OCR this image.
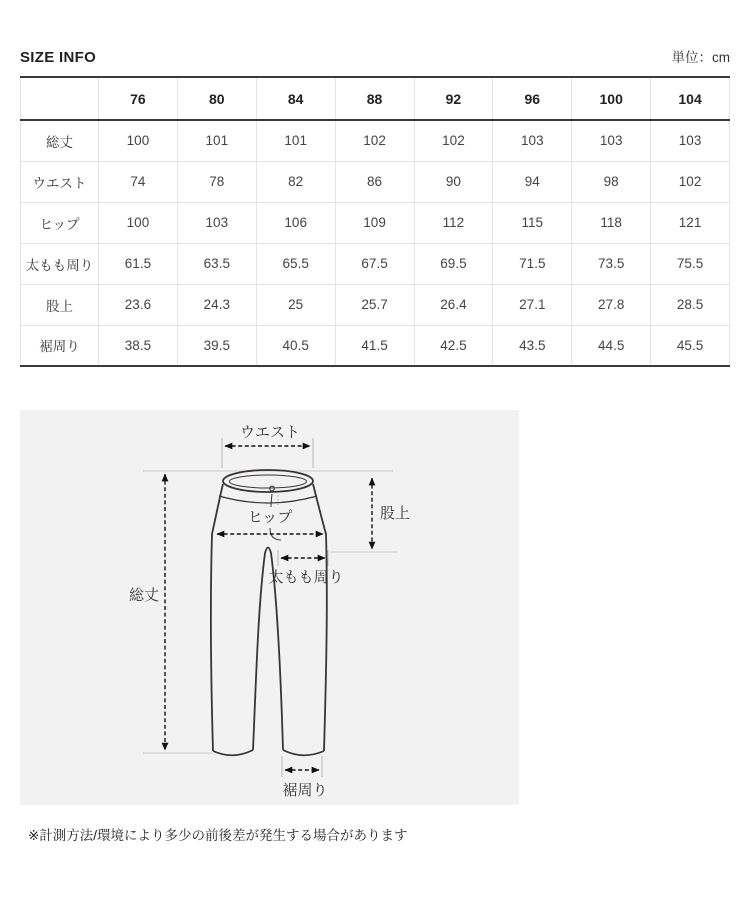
SIZE INFO	単位：cm
	76	80	84	88	92	96	100	104
総丈	100	101	101	102	102	103	103	103
ウエスト	74	78	82	86	90	94	98	102
ヒップ	100	103	106	109	112	115	118	121
太もも周り	61.5	63.5	65.5	67.5	69.5	71.5	73.5	75.5
股上	23.6	24.3	25	25.7	26.4	27.1	27.8	28.5
裾周り	38.5	39.5	40.5	41.5	42.5	43.5	44.5	45.5
ウエスト
ヒップ	股上
太もも周り
総丈
裾周り
※計測方法/環境により多少の前後差が発生する場合があります
